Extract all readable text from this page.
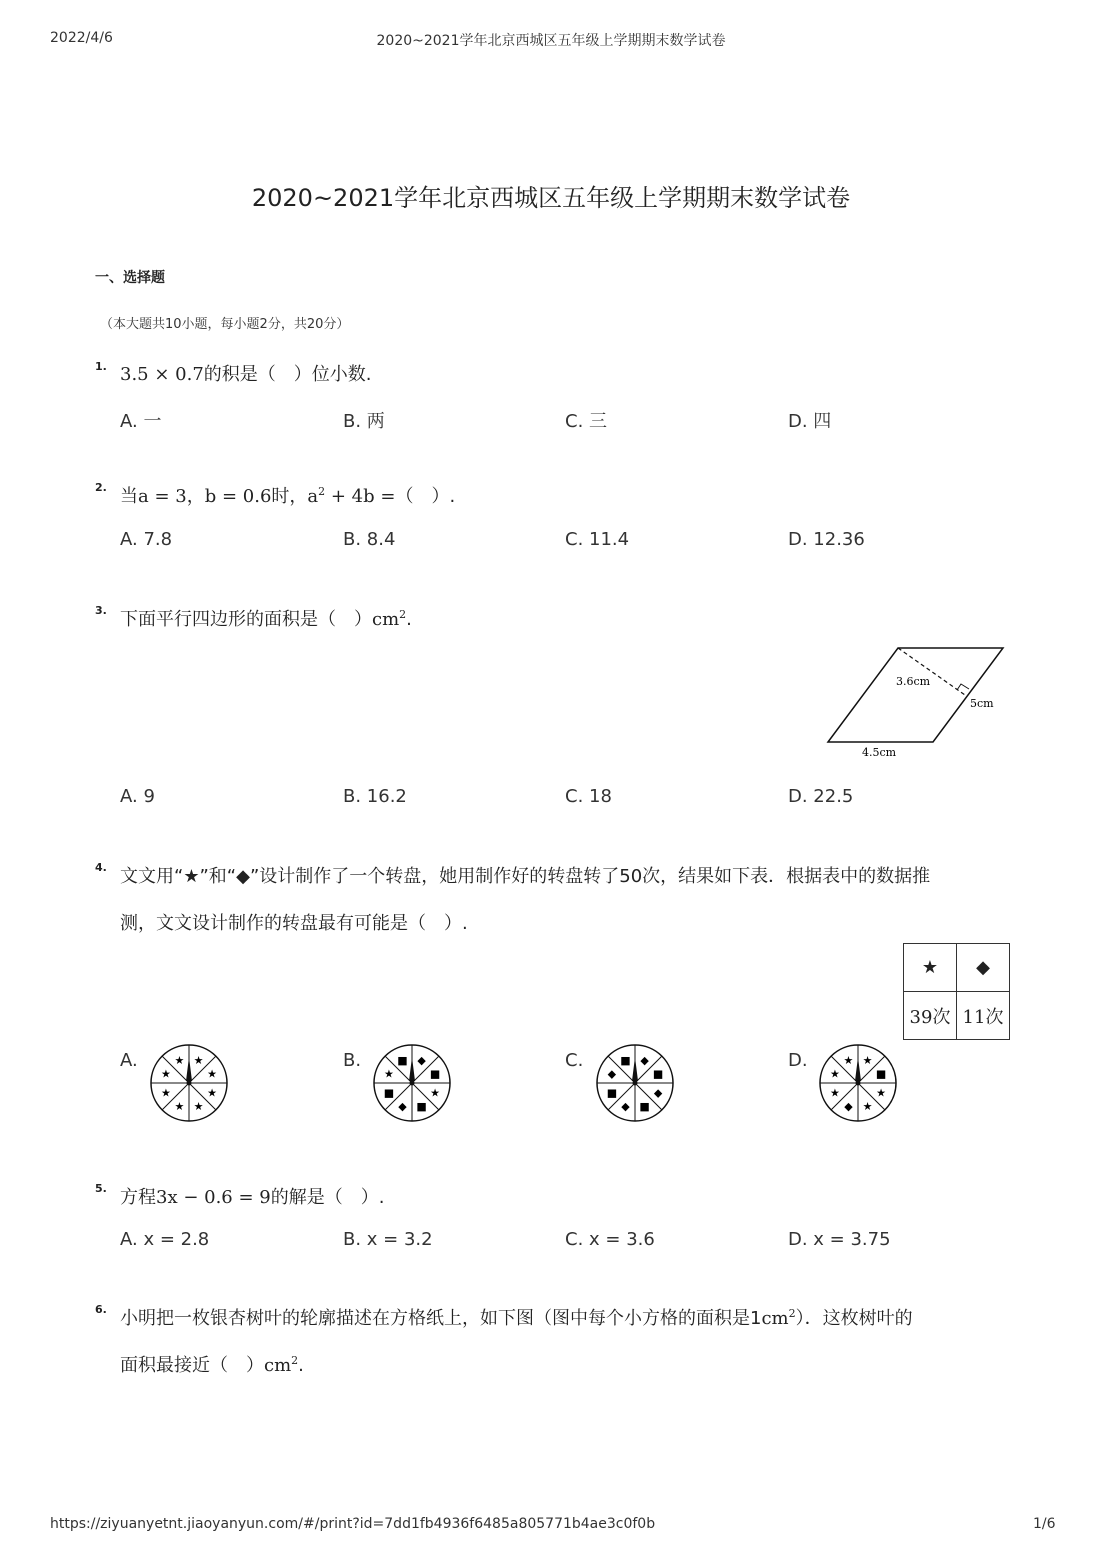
2022/4/6	2020~2021学年北京西城区五年级上学期期末数学试卷
2020~2021学年北京西城区五年级上学期期末数学试卷
一、选择题
（本大题共10小题，每小题2分，共20分）
1. 3.5 × 0.7的积是（　）位小数.
A. 一	B. 两	C. 三	D. 四
2. 当a = 3，b = 0.6时，$a^2 + 4b$ =（　）.
A. 7.8	B. 8.4	C. 11.4	D. 12.36
3. 下面平行四边形的面积是（　）$cm^2$.
3.6cm
5cm
4.5cm
A. 9	B. 16.2	C. 18	D. 22.5
4. 文文用“★”和“◆”设计制作了一个转盘，她用制作好的转盘转了50次，结果如下表．根据表中的数据推
测，文文设计制作的转盘最有可能是（　）.
★	◆
39次	11次
A.	B.	C.	D.
★
★
★
★
★
★
★
★	◆
■
★
■
◆
■
★
■	◆
■
◆
■
◆
■
◆
■	★
■
★
★
◆
★
★
★
5. 方程3x − 0.6 = 9的解是（　）.
A. x = 2.8	B. x = 3.2	C. x = 3.6	D. x = 3.75
6. 小明把一枚银杏树叶的轮廓描述在方格纸上，如下图（图中每个小方格的面积是$1cm^2$）．这枚树叶的
面积最接近（　）$cm^2$.
https://ziyuanyetnt.jiaoyanyun.com/#/print?id=7dd1fb4936f6485a805771b4ae3c0f0b	1/6
